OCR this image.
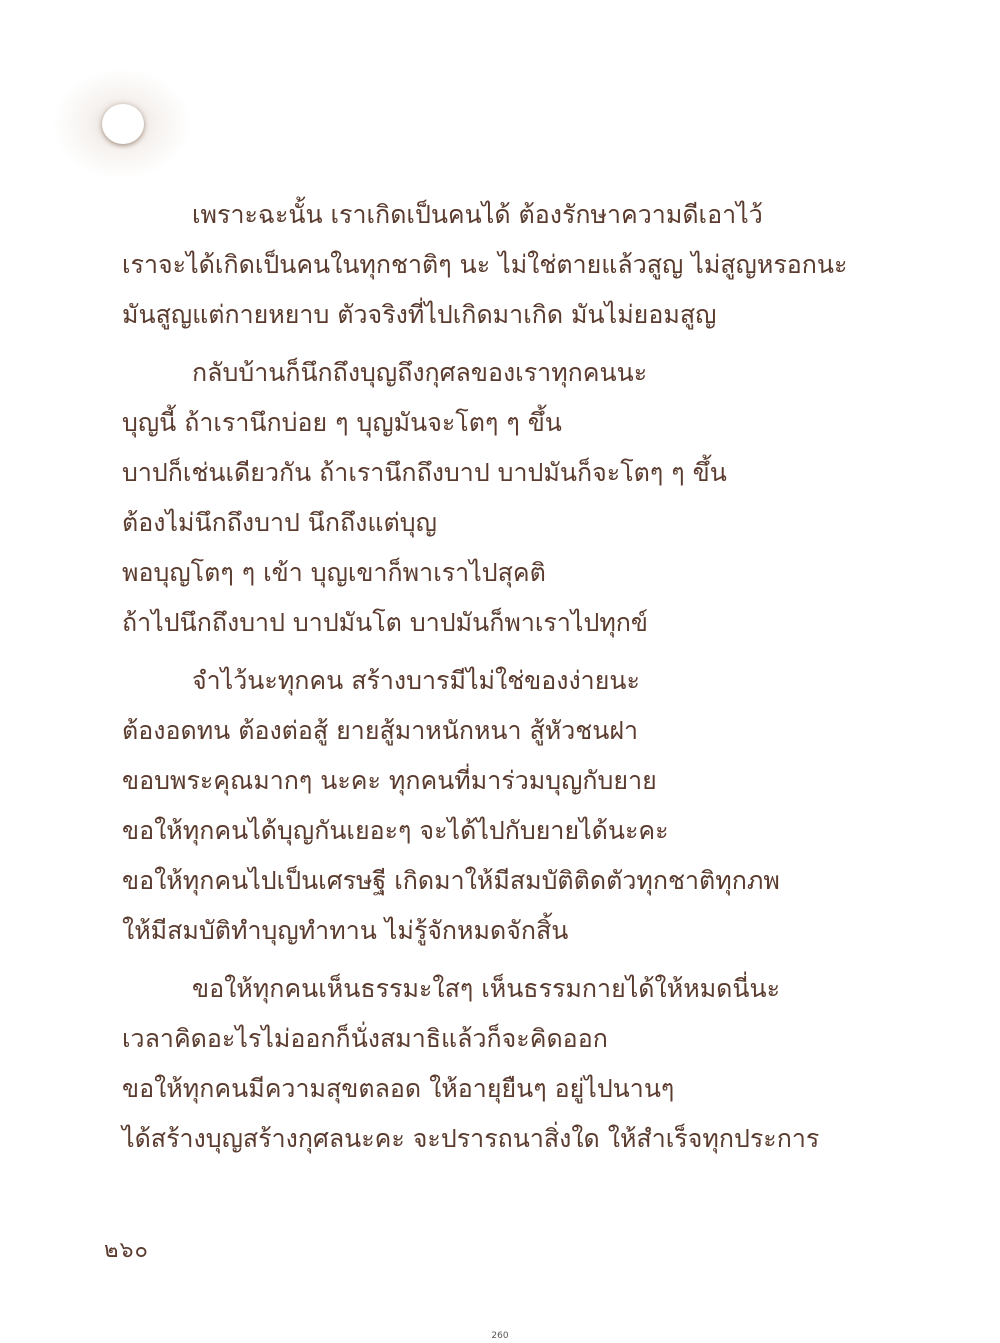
เพราะฉะนั้น เราเกิดเป็นคนได้ ต้องรักษาความดีเอาไว้
เราจะได้เกิดเป็นคนในทุกชาติๆ นะ ไม่ใช่ตายแล้วสูญ ไม่สูญหรอกนะ
มันสูญแต่กายหยาบ ตัวจริงที่ไปเกิดมาเกิด มันไม่ยอมสูญ
กลับบ้านก็นึกถึงบุญถึงกุศลของเราทุกคนนะ
บุญนี้ ถ้าเรานึกบ่อย ๆ บุญมันจะโตๆ ๆ ขึ้น
บาปก็เช่นเดียวกัน ถ้าเรานึกถึงบาป บาปมันก็จะโตๆ ๆ ขึ้น
ต้องไม่นึกถึงบาป นึกถึงแต่บุญ
พอบุญโตๆ ๆ เข้า บุญเขาก็พาเราไปสุคติ
ถ้าไปนึกถึงบาป บาปมันโต บาปมันก็พาเราไปทุกข์
จำไว้นะทุกคน สร้างบารมีไม่ใช่ของง่ายนะ
ต้องอดทน ต้องต่อสู้ ยายสู้มาหนักหนา สู้หัวชนฝา
ขอบพระคุณมากๆ นะคะ ทุกคนที่มาร่วมบุญกับยาย
ขอให้ทุกคนได้บุญกันเยอะๆ จะได้ไปกับยายได้นะคะ
ขอให้ทุกคนไปเป็นเศรษฐี เกิดมาให้มีสมบัติติดตัวทุกชาติทุกภพ
ให้มีสมบัติทำบุญทำทาน ไม่รู้จักหมดจักสิ้น
ขอให้ทุกคนเห็นธรรมะใสๆ เห็นธรรมกายได้ให้หมดนี่นะ
เวลาคิดอะไรไม่ออกก็นั่งสมาธิแล้วก็จะคิดออก
ขอให้ทุกคนมีความสุขตลอด ให้อายุยืนๆ อยู่ไปนานๆ
ได้สร้างบุญสร้างกุศลนะคะ จะปรารถนาสิ่งใด ให้สำเร็จทุกประการ
๒๖๐
260
